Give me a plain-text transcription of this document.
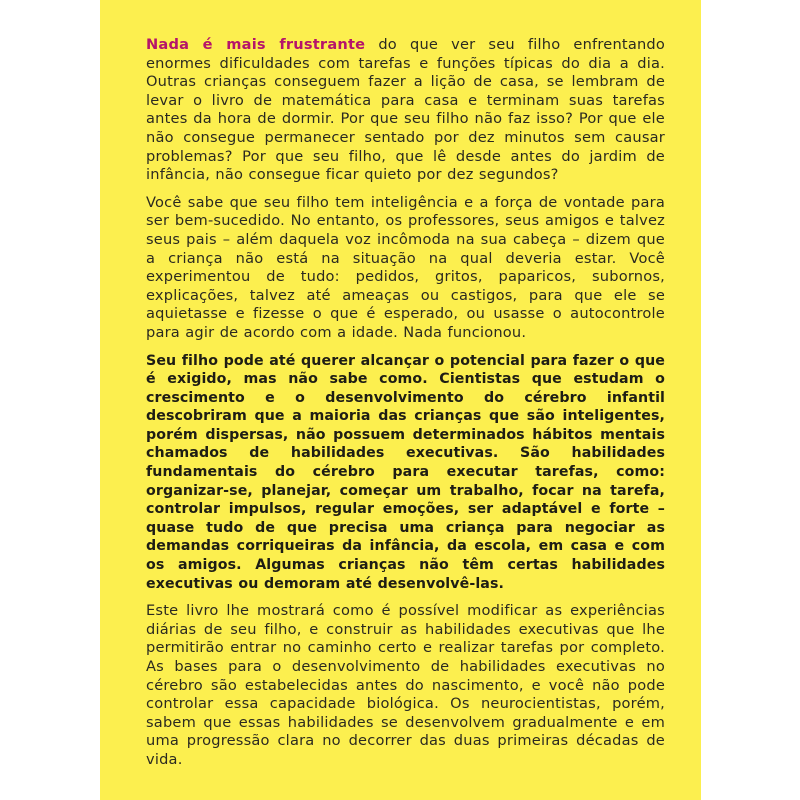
Nada é mais frustrante do que ver seu filho enfrentando enormes dificuldades com tarefas e funções típicas do dia a dia. Outras crianças conseguem fazer a lição de casa, se lembram de levar o livro de matemática para casa e terminam suas tarefas antes da hora de dormir. Por que seu filho não faz isso? Por que ele não consegue permanecer sentado por dez minutos sem causar problemas? Por que seu filho, que lê desde antes do jardim de infância, não consegue ficar quieto por dez segundos?

Você sabe que seu filho tem inteligência e a força de vontade para ser bem-sucedido. No entanto, os professores, seus amigos e talvez seus pais – além daquela voz incômoda na sua cabeça – dizem que a criança não está na situação na qual deveria estar. Você experimentou de tudo: pedidos, gritos, paparicos, subornos, explicações, talvez até ameaças ou castigos, para que ele se aquietasse e fizesse o que é esperado, ou usasse o autocontrole para agir de acordo com a idade. Nada funcionou.

Seu filho pode até querer alcançar o potencial para fazer o que é exigido, mas não sabe como. Cientistas que estudam o crescimento e o desenvolvimento do cérebro infantil descobriram que a maioria das crianças que são inteligentes, porém dispersas, não possuem determinados hábitos mentais chamados de habilidades executivas. São habilidades fundamentais do cérebro para executar tarefas, como: organizar-se, planejar, começar um trabalho, focar na tarefa, controlar impulsos, regular emoções, ser adaptável e forte – quase tudo de que precisa uma criança para negociar as demandas corriqueiras da infância, da escola, em casa e com os amigos. Algumas crianças não têm certas habilidades executivas ou demoram até desenvolvê-las.

Este livro lhe mostrará como é possível modificar as experiências diárias de seu filho, e construir as habilidades executivas que lhe permitirão entrar no caminho certo e realizar tarefas por completo. As bases para o desenvolvimento de habilidades executivas no cérebro são estabelecidas antes do nascimento, e você não pode controlar essa capacidade biológica. Os neurocientistas, porém, sabem que essas habilidades se desenvolvem gradualmente e em uma progressão clara no decorrer das duas primeiras décadas de vida.
